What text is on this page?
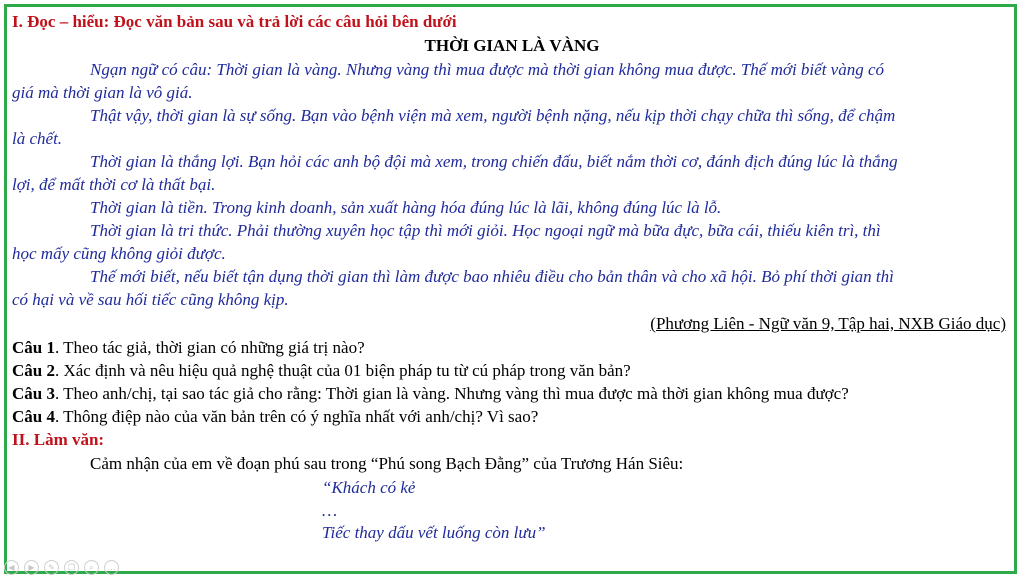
I. Đọc – hiểu: Đọc văn bản sau và trả lời các câu hỏi bên dưới
THỜI GIAN LÀ VÀNG
Ngạn ngữ có câu: Thời gian là vàng. Nhưng vàng thì mua được mà thời gian không mua được. Thế mới biết vàng có
giá mà thời gian là vô giá.
Thật vậy, thời gian là sự sống. Bạn vào bệnh viện mà xem, người bệnh nặng, nếu kịp thời chạy chữa thì sống, để chậm
là chết.
Thời gian là thắng lợi. Bạn hỏi các anh bộ đội mà xem, trong chiến đấu, biết nắm thời cơ, đánh địch đúng lúc là thắng
lợi, để mất thời cơ là thất bại.
Thời gian là tiền. Trong kinh doanh, sản xuất hàng hóa đúng lúc là lãi, không đúng lúc là lỗ.
Thời gian là tri thức. Phải thường xuyên học tập thì mới giỏi. Học ngoại ngữ mà bữa đực, bữa cái, thiếu kiên trì, thì
học mấy cũng không giỏi được.
Thế mới biết, nếu biết tận dụng thời gian thì làm được bao nhiêu điều cho bản thân và cho xã hội. Bỏ phí thời gian thì
có hại và về sau hối tiếc cũng không kịp.
(Phương Liên - Ngữ văn 9, Tập hai, NXB Giáo dục)
Câu 1. Theo tác giả, thời gian có những giá trị nào?
Câu 2. Xác định và nêu hiệu quả nghệ thuật của 01 biện pháp tu từ cú pháp trong văn bản?
Câu 3. Theo anh/chị, tại sao tác giả cho rằng: Thời gian là vàng. Nhưng vàng thì mua được mà thời gian không mua được?
Câu 4. Thông điệp nào của văn bản trên có ý nghĩa nhất với anh/chị? Vì sao?
II. Làm văn:
Cảm nhận của em về đoạn phú sau trong “Phú song Bạch Đằng” của Trương Hán Siêu:
“Khách có kẻ
…
Tiếc thay dấu vết luống còn lưu”
◀	▶	✎	❐	⌕	…
